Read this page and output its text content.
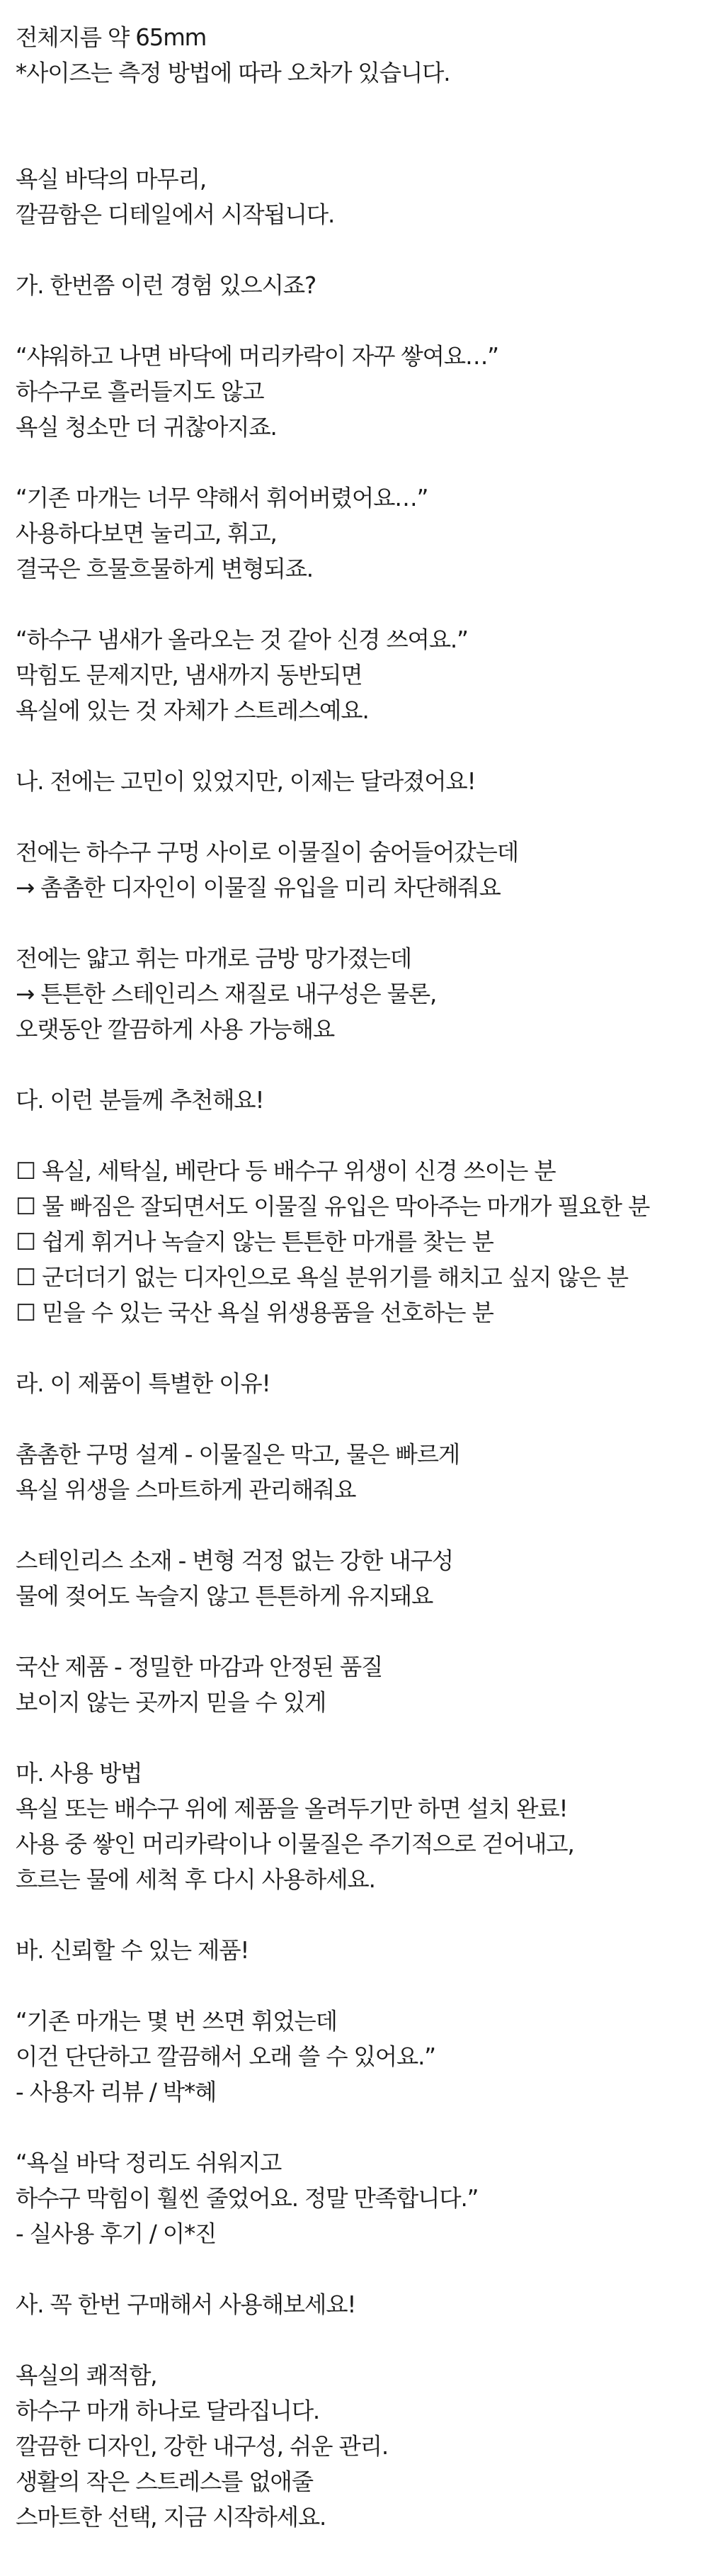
전체지름 약 65mm
*사이즈는 측정 방법에 따라 오차가 있습니다.
욕실 바닥의 마무리,
깔끔함은 디테일에서 시작됩니다.
가. 한번쯤 이런 경험 있으시죠?
“샤워하고 나면 바닥에 머리카락이 자꾸 쌓여요…”
하수구로 흘러들지도 않고
욕실 청소만 더 귀찮아지죠.
“기존 마개는 너무 약해서 휘어버렸어요…”
사용하다보면 눌리고, 휘고,
결국은 흐물흐물하게 변형되죠.
“하수구 냄새가 올라오는 것 같아 신경 쓰여요.”
막힘도 문제지만, 냄새까지 동반되면
욕실에 있는 것 자체가 스트레스예요.
나. 전에는 고민이 있었지만, 이제는 달라졌어요!
전에는 하수구 구멍 사이로 이물질이 숨어들어갔는데
→ 촘촘한 디자인이 이물질 유입을 미리 차단해줘요
전에는 얇고 휘는 마개로 금방 망가졌는데
→ 튼튼한 스테인리스 재질로 내구성은 물론,
오랫동안 깔끔하게 사용 가능해요
다. 이런 분들께 추천해요!
☐ 욕실, 세탁실, 베란다 등 배수구 위생이 신경 쓰이는 분
☐ 물 빠짐은 잘되면서도 이물질 유입은 막아주는 마개가 필요한 분
☐ 쉽게 휘거나 녹슬지 않는 튼튼한 마개를 찾는 분
☐ 군더더기 없는 디자인으로 욕실 분위기를 해치고 싶지 않은 분
☐ 믿을 수 있는 국산 욕실 위생용품을 선호하는 분
라. 이 제품이 특별한 이유!
촘촘한 구멍 설계 - 이물질은 막고, 물은 빠르게
욕실 위생을 스마트하게 관리해줘요
스테인리스 소재 - 변형 걱정 없는 강한 내구성
물에 젖어도 녹슬지 않고 튼튼하게 유지돼요
국산 제품 - 정밀한 마감과 안정된 품질
보이지 않는 곳까지 믿을 수 있게
마. 사용 방법
욕실 또는 배수구 위에 제품을 올려두기만 하면 설치 완료!
사용 중 쌓인 머리카락이나 이물질은 주기적으로 걷어내고,
흐르는 물에 세척 후 다시 사용하세요.
바. 신뢰할 수 있는 제품!
“기존 마개는 몇 번 쓰면 휘었는데
이건 단단하고 깔끔해서 오래 쓸 수 있어요.”
- 사용자 리뷰 / 박*혜
“욕실 바닥 정리도 쉬워지고
하수구 막힘이 훨씬 줄었어요. 정말 만족합니다.”
- 실사용 후기 / 이*진
사. 꼭 한번 구매해서 사용해보세요!
욕실의 쾌적함,
하수구 마개 하나로 달라집니다.
깔끔한 디자인, 강한 내구성, 쉬운 관리.
생활의 작은 스트레스를 없애줄
스마트한 선택, 지금 시작하세요.
